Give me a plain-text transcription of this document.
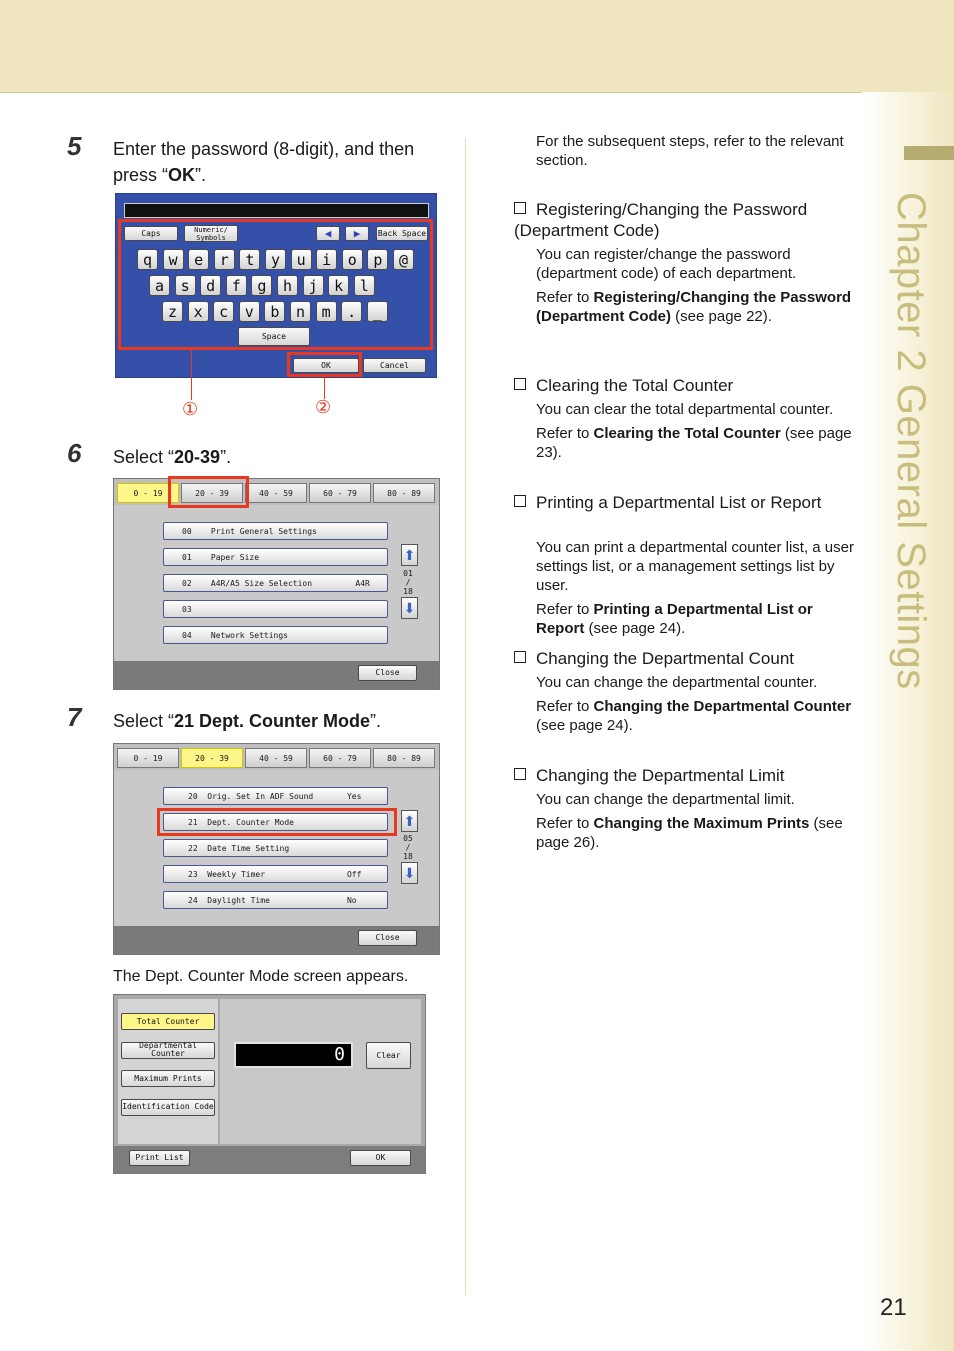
Chapter 2 General Settings
5 Enter the password (8-digit), and then press “OK”.
Caps	Numeric/ Symbols	◀ ▶ Back Space
Space
OK	Cancel
q	w	e	r	t	y	u	i	o	p	@
a	s	d	f	g	h	j	k	l
z	x	c	v	b	n	m	.	_
①	②
6 Select “20-39”.
0 - 19	20 - 39	40 - 59	60 - 79	80 - 89
⬆
01
/
18
⬇
Close
00    Print General Settings
01    Paper Size
02    A4R/A5 Size Selection         A4R
03
04    Network Settings
7 Select “21 Dept. Counter Mode”.
0 - 19	20 - 39	40 - 59	60 - 79	80 - 89
⬆
05
/
18
⬇
Close
20  Orig. Set In ADF Sound       Yes
21  Dept. Counter Mode
22  Date Time Setting
23  Weekly Timer                 Off
24  Daylight Time                No
The Dept. Counter Mode screen appears.
0	Clear
Print List	OK
Total Counter
Departmental Counter
Maximum Prints
Identification Code
For the subsequent steps, refer to the relevant section.
Registering/Changing the Password (Department Code)

You can register/change the password (department code) of each department.

Refer to Registering/Changing the Password (Department Code) (see page 22).

Clearing the Total Counter

You can clear the total departmental counter.

Refer to Clearing the Total Counter (see page 23).

Printing a Departmental List or Report

You can print a departmental counter list, a user settings list, or a management settings list by user.

Refer to Printing a Departmental List or Report (see page 24).

Changing the Departmental Count

You can change the departmental counter.

Refer to Changing the Departmental Counter (see page 24).

Changing the Departmental Limit

You can change the departmental limit.

Refer to Changing the Maximum Prints (see page 26).

21
